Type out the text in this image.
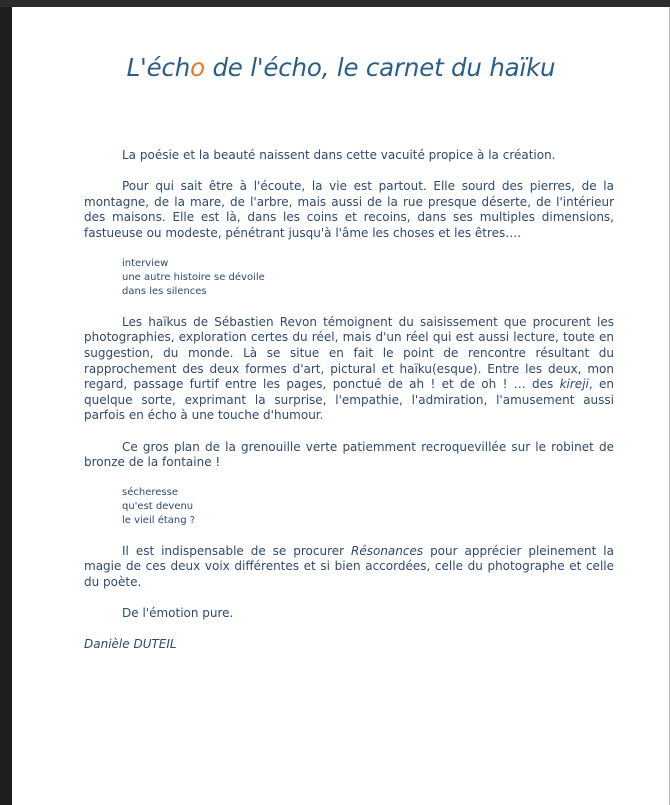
L'écho de l'écho, le carnet du haïku

La poésie et la beauté naissent dans cette vacuité propice à la création.

Pour qui sait être à l'écoute, la vie est partout. Elle sourd des pierres, de la montagne, de la mare, de l'arbre, mais aussi de la rue presque déserte, de l'intérieur des maisons. Elle est là, dans les coins et recoins, dans ses multiples dimensions, fastueuse ou modeste, pénétrant jusqu'à l'âme les choses et les êtres….

interview
une autre histoire se dévoile
dans les silences

Les haïkus de Sébastien Revon témoignent du saisissement que procurent les photographies, exploration certes du réel, mais d'un réel qui est aussi lecture, toute en suggestion, du monde. Là se situe en fait le point de rencontre résultant du rapprochement des deux formes d'art, pictural et haïku(esque). Entre les deux, mon regard, passage furtif entre les pages, ponctué de ah ! et de oh ! … des kireji, en quelque sorte, exprimant la surprise, l'empathie, l'admiration, l'amusement aussi parfois en écho à une touche d'humour.

Ce gros plan de la grenouille verte patiemment recroquevillée sur le robinet de bronze de la fontaine !

sécheresse
qu'est devenu
le vieil étang ?

Il est indispensable de se procurer Résonances pour apprécier pleinement la magie de ces deux voix différentes et si bien accordées, celle du photographe et celle du poète.

De l'émotion pure.

Danièle DUTEIL
